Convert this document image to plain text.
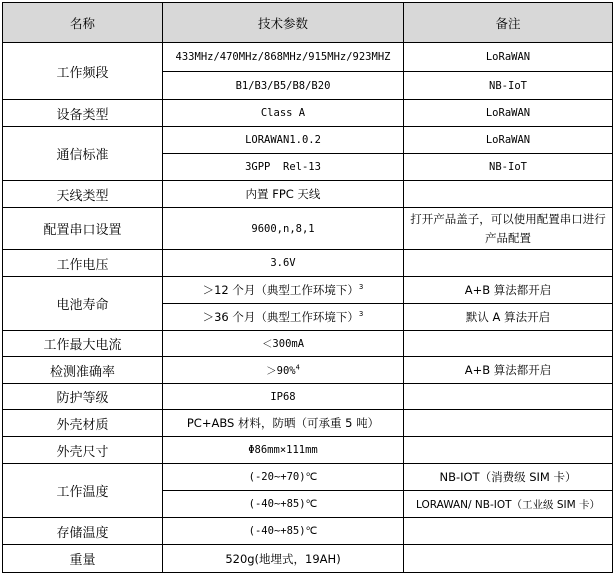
名称	技术参数	备注
工作频段	433MHz/470MHz/868MHz/915MHz/923MHZ	LoRaWAN
	B1/B3/B5/B8/B20	NB-IoT
设备类型	Class A	LoRaWAN
通信标准	LORAWAN1.0.2	LoRaWAN
	3GPP  Rel-13	NB-IoT
天线类型	内置 FPC 天线	
配置串口设置	9600,n,8,1	打开产品盖子，可以使用配置串口进行产品配置
工作电压	3.6V	
电池寿命	＞12 个月（典型工作环境下）$^3$	A+B 算法都开启
	＞36 个月（典型工作环境下）$^3$	默认 A 算法开启
工作最大电流	＜300mA	
检测准确率	＞90%$^4$	A+B 算法都开启
防护等级	IP68	
外壳材质	PC+ABS 材料，防晒（可承重 5 吨）	
外壳尺寸	Φ86mm×111mm	
工作温度	(-20~+70)℃	NB-IOT（消费级 SIM 卡）
	(-40~+85)℃	LORAWAN/ NB-IOT（工业级 SIM 卡）
存储温度	(-40~+85)℃	
重量	520g(地埋式，19AH)	
